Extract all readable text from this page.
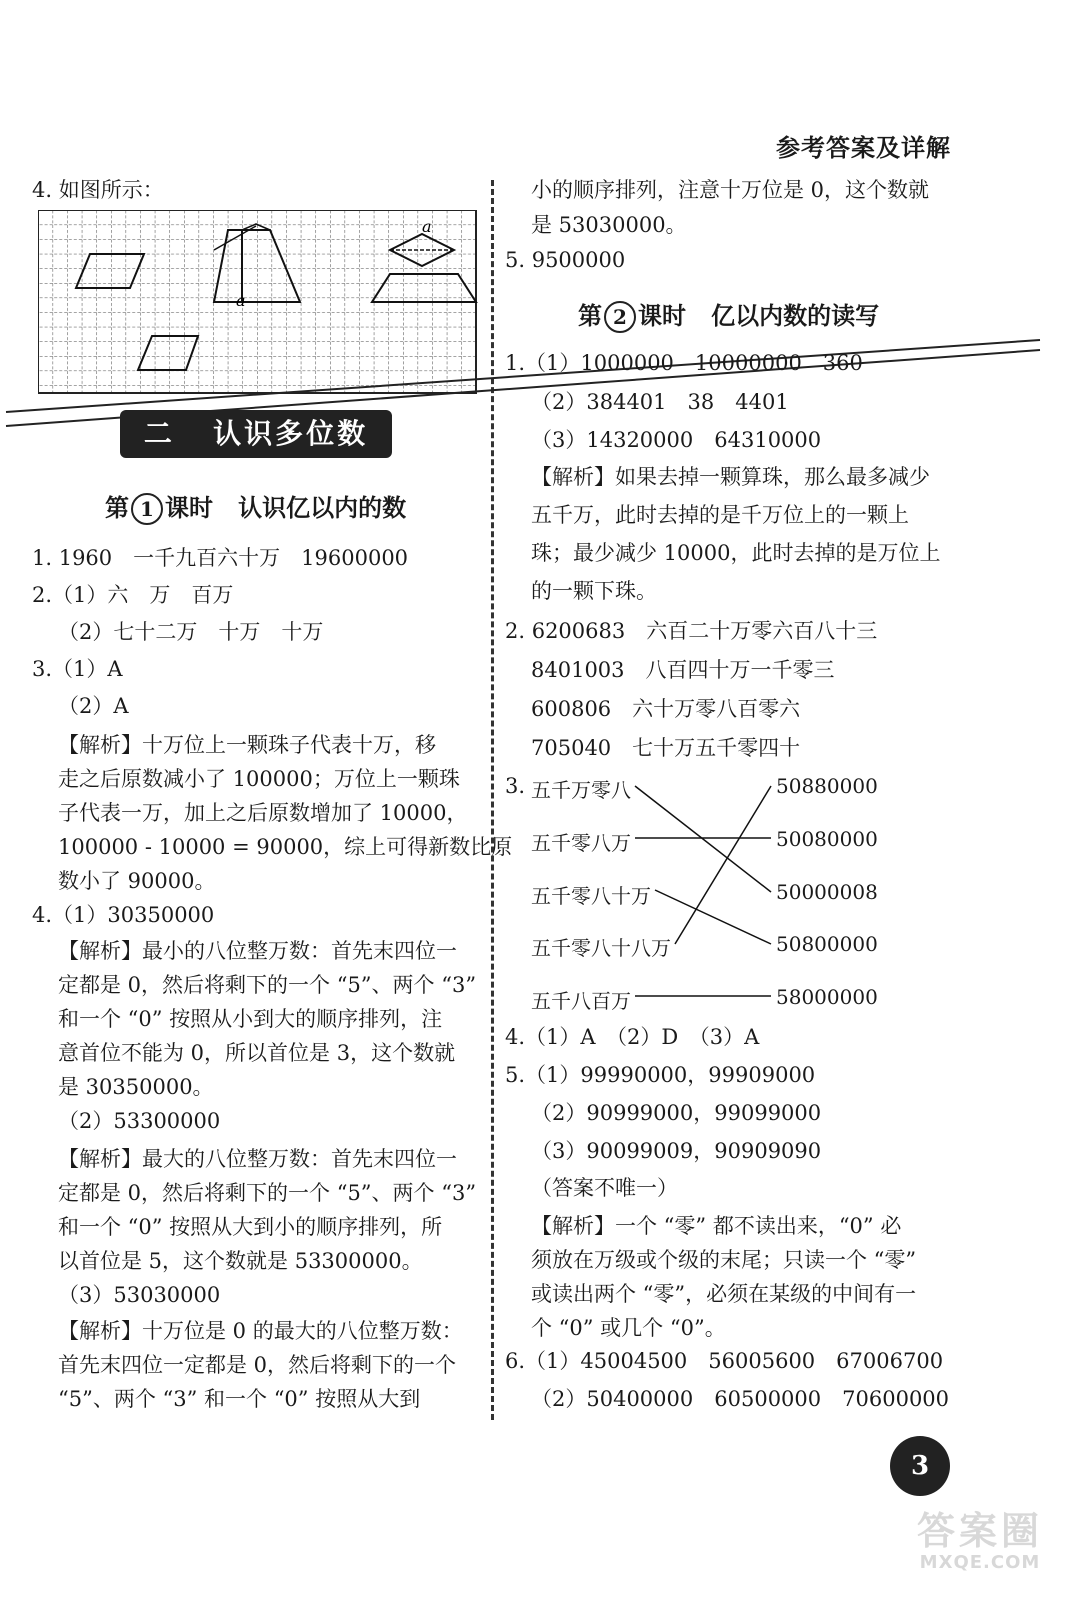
参考答案及详解
4. 如图所示：
a
a
二 认识多位数
第 1 课时 认识亿以内的数
1. 1960　一千九百六十万　19600000
2.（1）六　万　百万
（2）七十二万　十万　十万
3.（1）A
（2）A
【解析】十万位上一颗珠子代表十万，移
走之后原数减小了 100000；万位上一颗珠
子代表一万，加上之后原数增加了 10000，
100000 - 10000 = 90000，综上可得新数比原
数小了 90000。
4.（1）30350000
【解析】最小的八位整万数：首先末四位一
定都是 0，然后将剩下的一个 “5”、两个 “3”
和一个 “0” 按照从小到大的顺序排列，注
意首位不能为 0，所以首位是 3，这个数就
是 30350000。
（2）53300000
【解析】最大的八位整万数：首先末四位一
定都是 0，然后将剩下的一个 “5”、两个 “3”
和一个 “0” 按照从大到小的顺序排列，所
以首位是 5，这个数就是 53300000。
（3）53030000
【解析】十万位是 0 的最大的八位整万数：
首先末四位一定都是 0，然后将剩下的一个
“5”、两个 “3” 和一个 “0” 按照从大到
小的顺序排列，注意十万位是 0，这个数就
是 53030000。
5. 9500000
第 2 课时 亿以内数的读写
1.（1）1000000　10000000　360
（2）384401　38　4401
（3）14320000　64310000
【解析】如果去掉一颗算珠，那么最多减少
五千万，此时去掉的是千万位上的一颗上
珠；最少减少 10000，此时去掉的是万位上
的一颗下珠。
2. 6200683　六百二十万零六百八十三
8401003　八百四十万一千零三
600806　六十万零八百零六
705040　七十万五千零四十
3. 五千万零八
五千零八万
五千零八十万
五千零八十八万
五千八百万
50880000
50080000
50000008
50800000
58000000
4.（1）A　（2）D　（3）A
5.（1）99990000，99909000
（2）90999000，99099000
（3）90099009，90909090
（答案不唯一）
【解析】一个 “零” 都不读出来，“0” 必
须放在万级或个级的末尾；只读一个 “零”
或读出两个 “零”，必须在某级的中间有一
个 “0” 或几个 “0”。
6.（1）45004500　56005600　67006700
（2）50400000　60500000　70600000
3
答案圈
MXQE.COM
